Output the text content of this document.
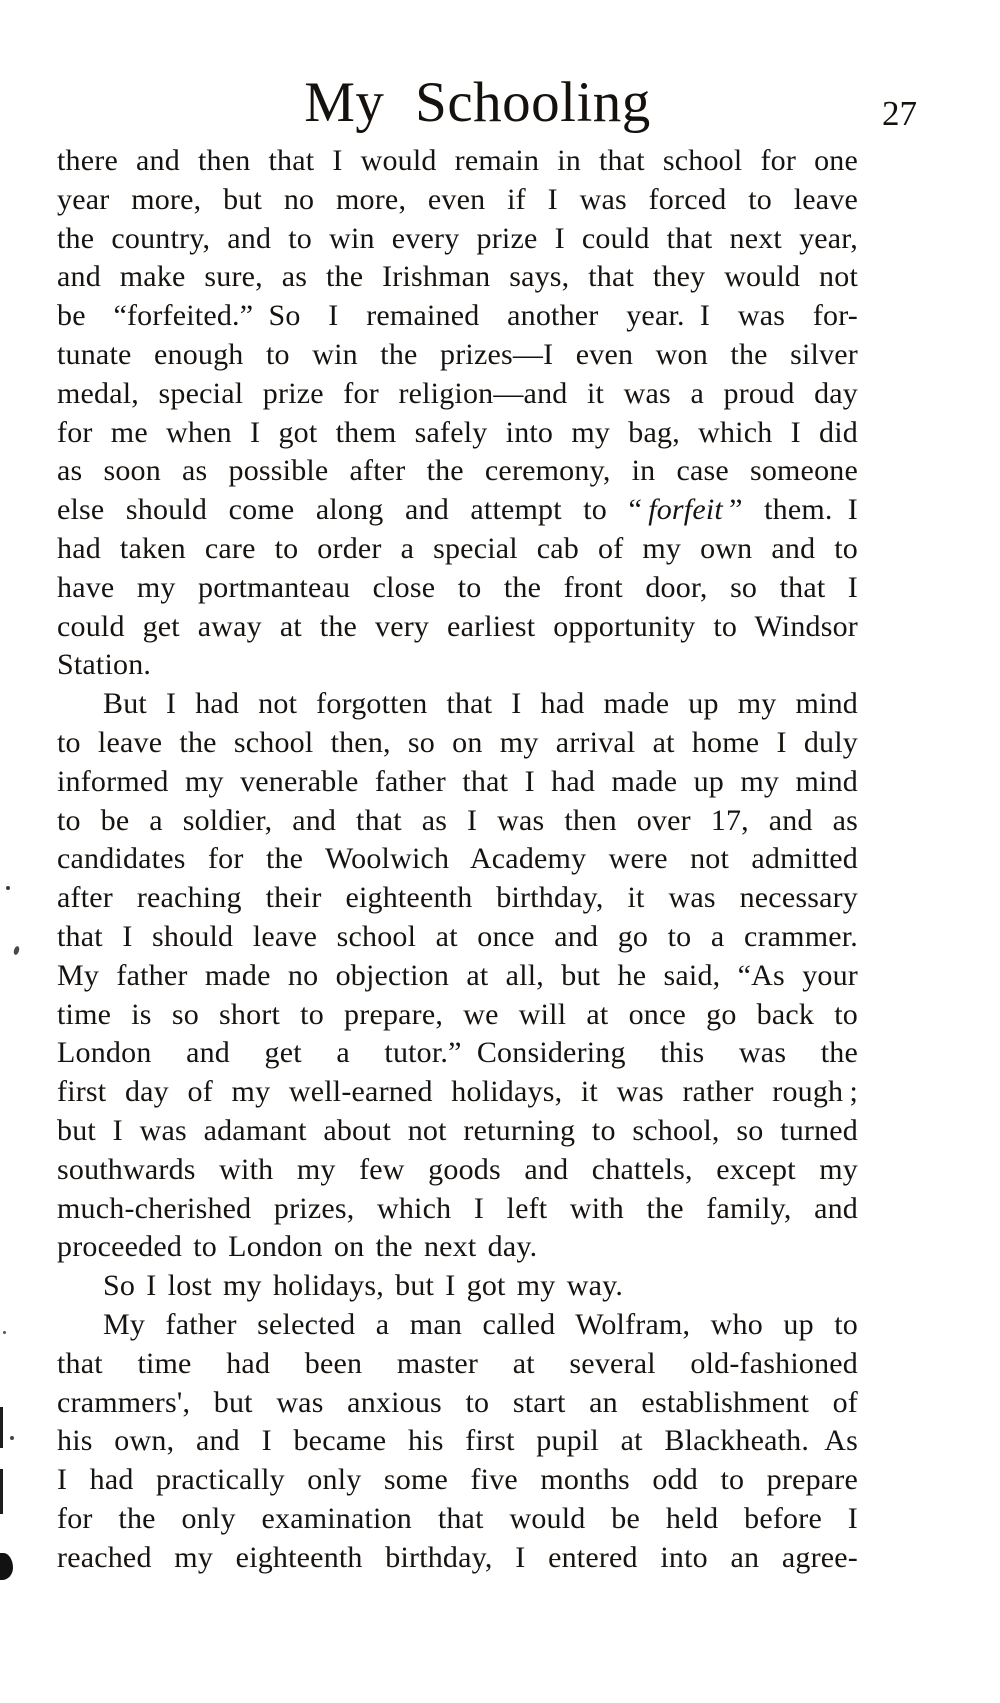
My Schooling	27
there and then that I would remain in that school for one
year more, but no more, even if I was forced to leave
the country, and to win every prize I could that next year,
and make sure, as the Irishman says, that they would not
be “forfeited.” So I remained another year. I was for-
tunate enough to win the prizes—I even won the silver
medal, special prize for religion—and it was a proud day
for me when I got them safely into my bag, which I did
as soon as possible after the ceremony, in case someone
else should come along and attempt to “ forfeit ” them. I
had taken care to order a special cab of my own and to
have my portmanteau close to the front door, so that I
could get away at the very earliest opportunity to Windsor
Station.
But I had not forgotten that I had made up my mind
to leave the school then, so on my arrival at home I duly
informed my venerable father that I had made up my mind
to be a soldier, and that as I was then over 17, and as
candidates for the Woolwich Academy were not admitted
after reaching their eighteenth birthday, it was necessary
that I should leave school at once and go to a crammer.
My father made no objection at all, but he said, “As your
time is so short to prepare, we will at once go back to
London and get a tutor.” Considering this was the
first day of my well-earned holidays, it was rather rough ;
but I was adamant about not returning to school, so turned
southwards with my few goods and chattels, except my
much-cherished prizes, which I left with the family, and
proceeded to London on the next day.
So I lost my holidays, but I got my way.
My father selected a man called Wolfram, who up to
that time had been master at several old-fashioned
crammers', but was anxious to start an establishment of
his own, and I became his first pupil at Blackheath. As
I had practically only some five months odd to prepare
for the only examination that would be held before I
reached my eighteenth birthday, I entered into an agree-
